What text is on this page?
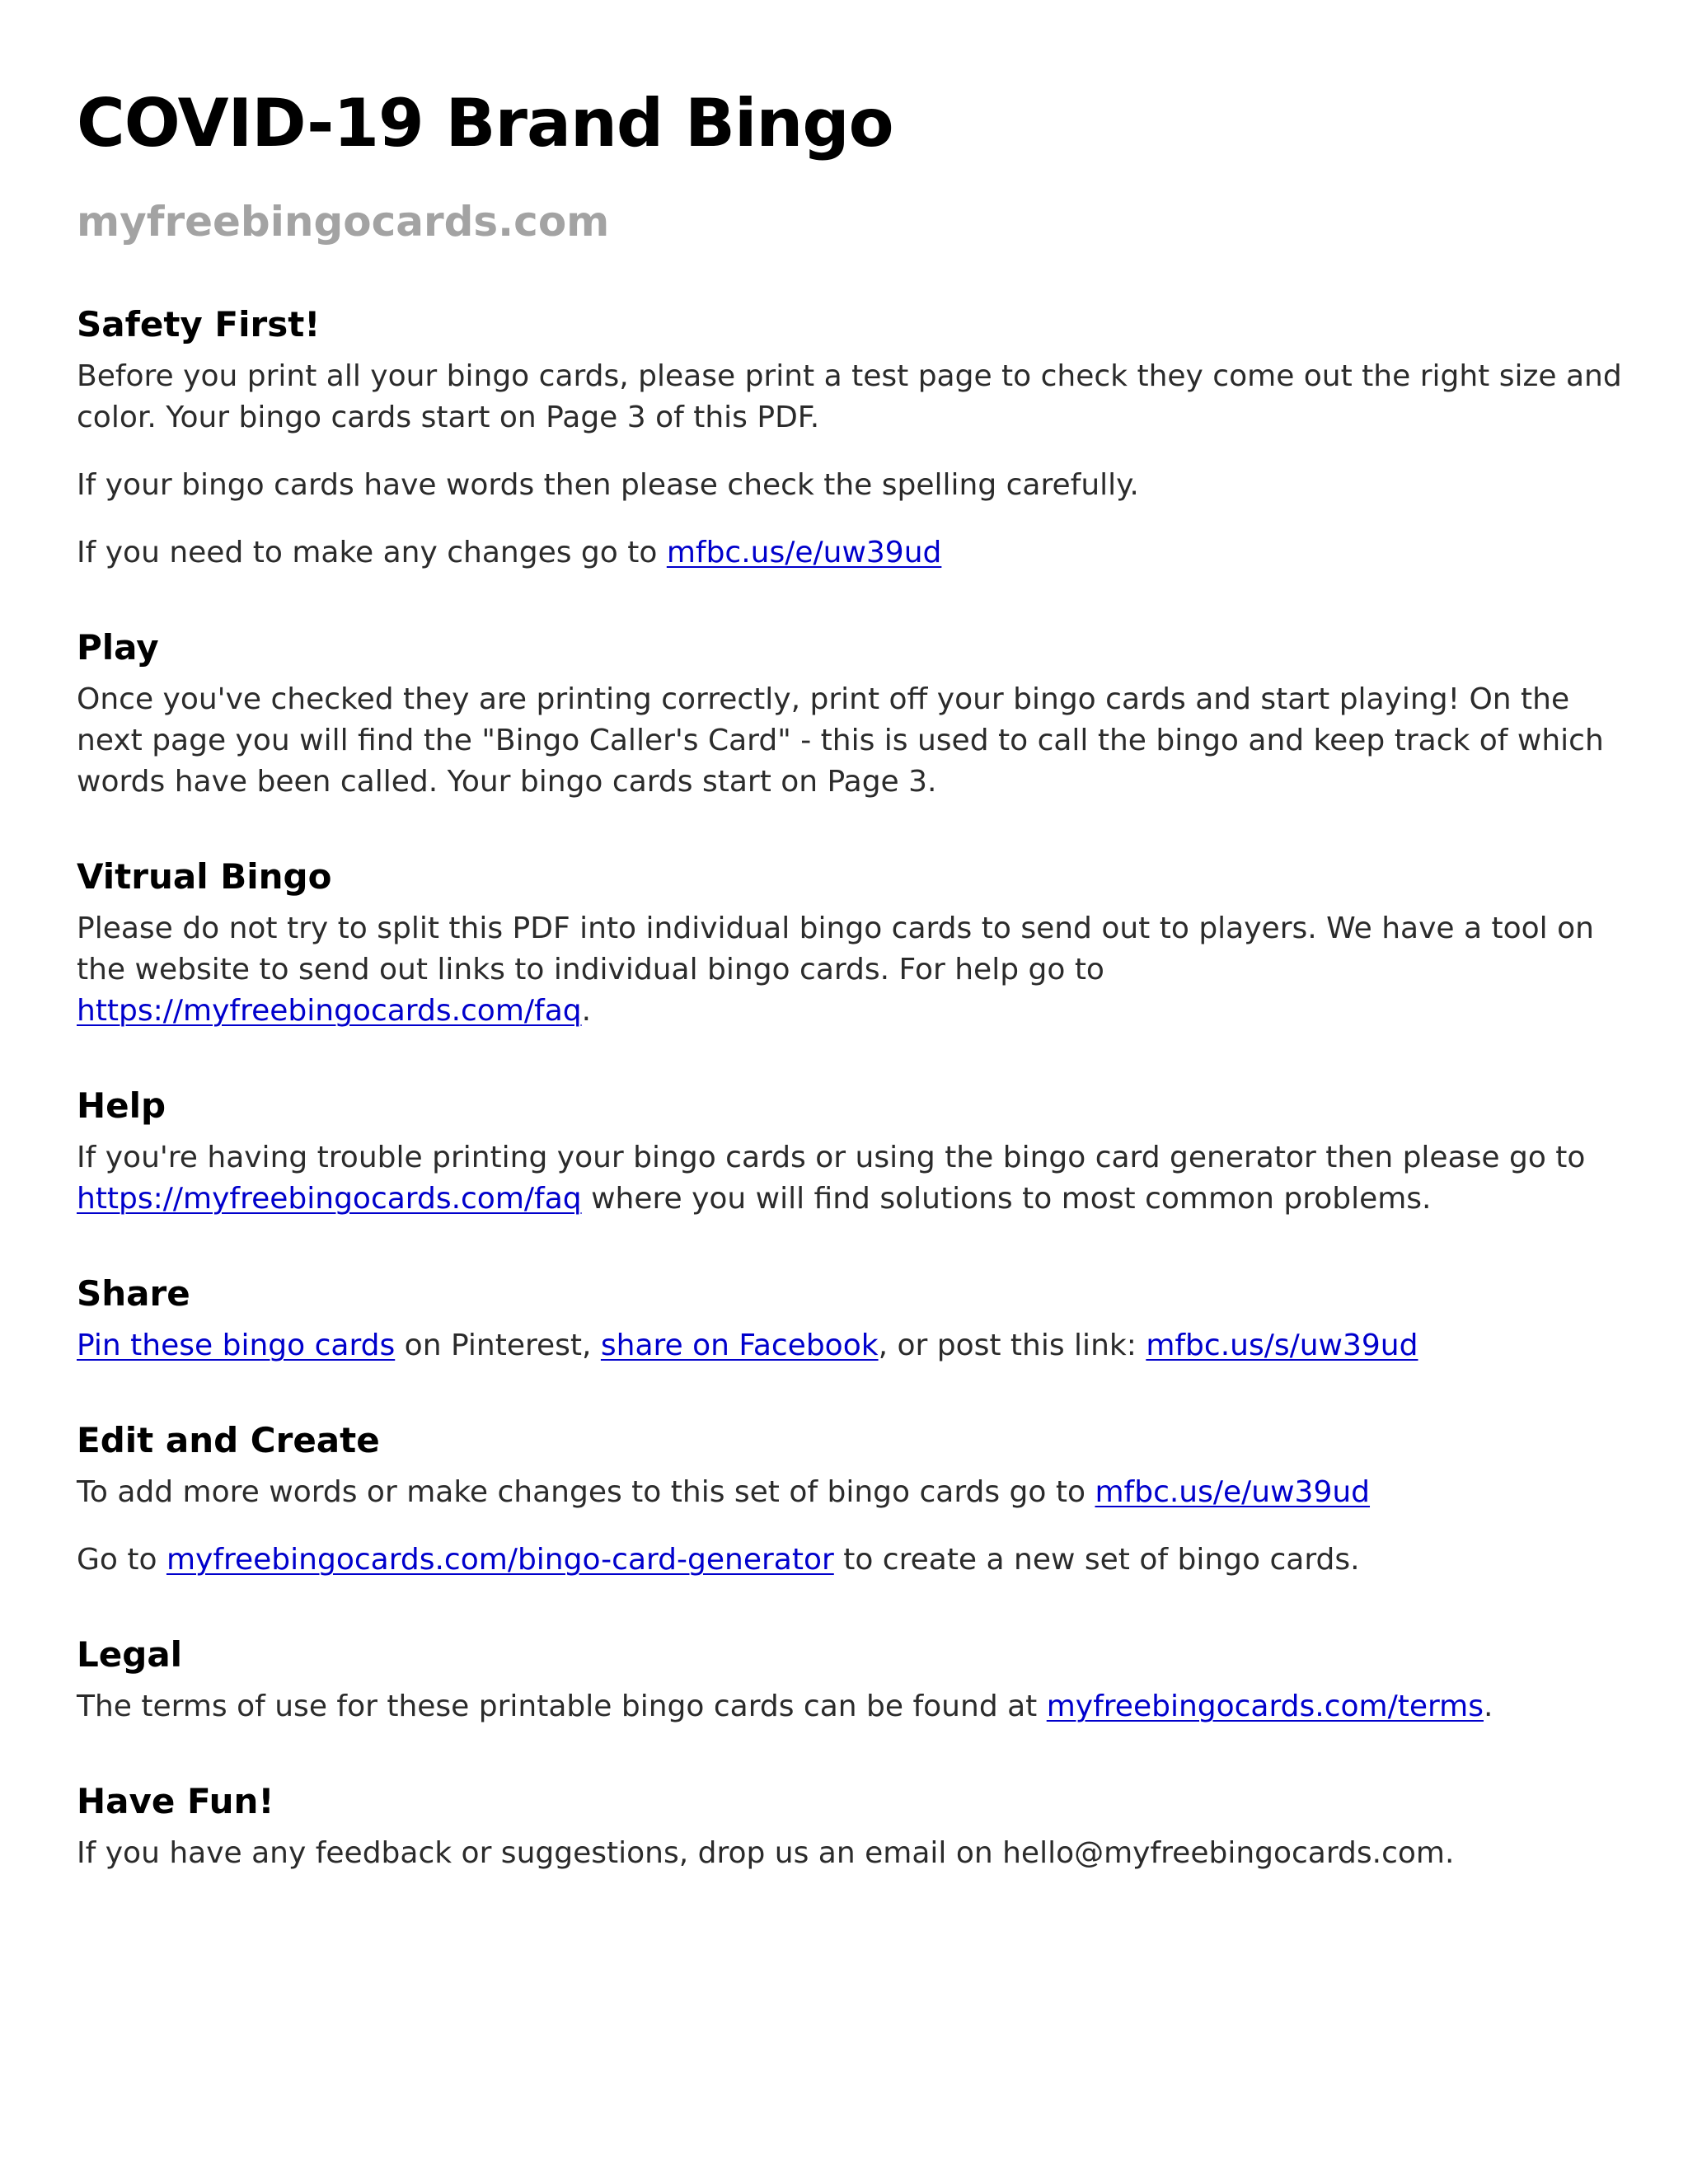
COVID-19 Brand Bingo
myfreebingocards.com
Safety First!

Before you print all your bingo cards, please print a test page to check they come out the right size and color. Your bingo cards start on Page 3 of this PDF.

If your bingo cards have words then please check the spelling carefully.

If you need to make any changes go to mfbc.us/e/uw39ud

Play

Once you've checked they are printing correctly, print off your bingo cards and start playing! On the next page you will find the "Bingo Caller's Card" - this is used to call the bingo and keep track of which words have been called. Your bingo cards start on Page 3.

Vitrual Bingo

Please do not try to split this PDF into individual bingo cards to send out to players. We have a tool on the website to send out links to individual bingo cards. For help go to https://myfreebingocards.com/faq.

Help

If you're having trouble printing your bingo cards or using the bingo card generator then please go to https://myfreebingocards.com/faq where you will find solutions to most common problems.

Share

Pin these bingo cards on Pinterest, share on Facebook, or post this link: mfbc.us/s/uw39ud

Edit and Create

To add more words or make changes to this set of bingo cards go to mfbc.us/e/uw39ud

Go to myfreebingocards.com/bingo-card-generator to create a new set of bingo cards.

Legal

The terms of use for these printable bingo cards can be found at myfreebingocards.com/terms.

Have Fun!

If you have any feedback or suggestions, drop us an email on hello@myfreebingocards.com.
